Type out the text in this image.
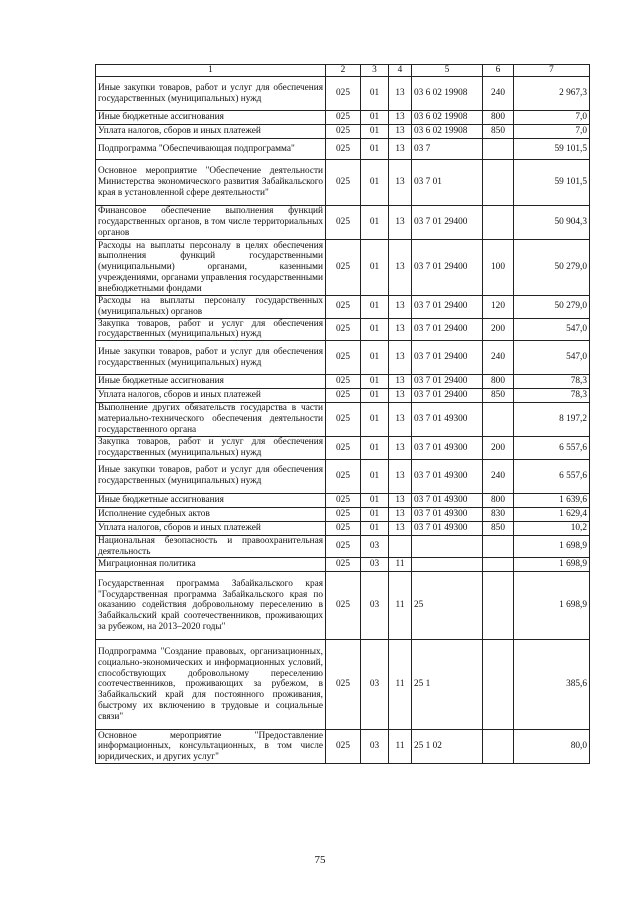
1	2	3	4	5	6	7
Иные закупки товаров, работ и услуг для обеспечения государственных (муниципальных) нужд	025	01	13	03 6 02 19908	240	2 967,3
Иные бюджетные ассигнования	025	01	13	03 6 02 19908	800	7,0
Уплата налогов, сборов и иных платежей	025	01	13	03 6 02 19908	850	7,0
Подпрограмма "Обеспечивающая подпрограмма"	025	01	13	03 7		59 101,5
Основное мероприятие "Обеспечение деятельности Министерства экономического развития Забайкальского края в установленной сфере деятельности"	025	01	13	03 7 01		59 101,5
Финансовое обеспечение выполнения функций государственных органов, в том числе территориальных органов	025	01	13	03 7 01 29400		50 904,3
Расходы на выплаты персоналу в целях обеспечения выполнения функций государственными (муниципальными) органами, казенными учреждениями, органами управления государственными внебюджетными фондами	025	01	13	03 7 01 29400	100	50 279,0
Расходы на выплаты персоналу государственных (муниципальных) органов	025	01	13	03 7 01 29400	120	50 279,0
Закупка товаров, работ и услуг для обеспечения государственных (муниципальных) нужд	025	01	13	03 7 01 29400	200	547,0
Иные закупки товаров, работ и услуг для обеспечения государственных (муниципальных) нужд	025	01	13	03 7 01 29400	240	547,0
Иные бюджетные ассигнования	025	01	13	03 7 01 29400	800	78,3
Уплата налогов, сборов и иных платежей	025	01	13	03 7 01 29400	850	78,3
Выполнение других обязательств государства в части материально-технического обеспечения деятельности государственного органа	025	01	13	03 7 01 49300		8 197,2
Закупка товаров, работ и услуг для обеспечения государственных (муниципальных) нужд	025	01	13	03 7 01 49300	200	6 557,6
Иные закупки товаров, работ и услуг для обеспечения государственных (муниципальных) нужд	025	01	13	03 7 01 49300	240	6 557,6
Иные бюджетные ассигнования	025	01	13	03 7 01 49300	800	1 639,6
Исполнение судебных актов	025	01	13	03 7 01 49300	830	1 629,4
Уплата налогов, сборов и иных платежей	025	01	13	03 7 01 49300	850	10,2
Национальная безопасность и правоохранительная деятельность	025	03				1 698,9
Миграционная политика	025	03	11			1 698,9
Государственная программа Забайкальского края "Государственная программа Забайкальского края по оказанию содействия добровольному переселению в Забайкальский край соотечественников, проживающих за рубежом, на 2013–2020 годы"	025	03	11	25		1 698,9
Подпрограмма "Создание правовых, организационных, социально-экономических и информационных условий, способствующих добровольному переселению соотечественников, проживающих за рубежом, в Забайкальский край для постоянного проживания, быстрому их включению в трудовые и социальные связи"	025	03	11	25 1		385,6
Основное мероприятие "Предоставление информационных, консультационных, в том числе юридических, и других услуг"	025	03	11	25 1 02		80,0
75
